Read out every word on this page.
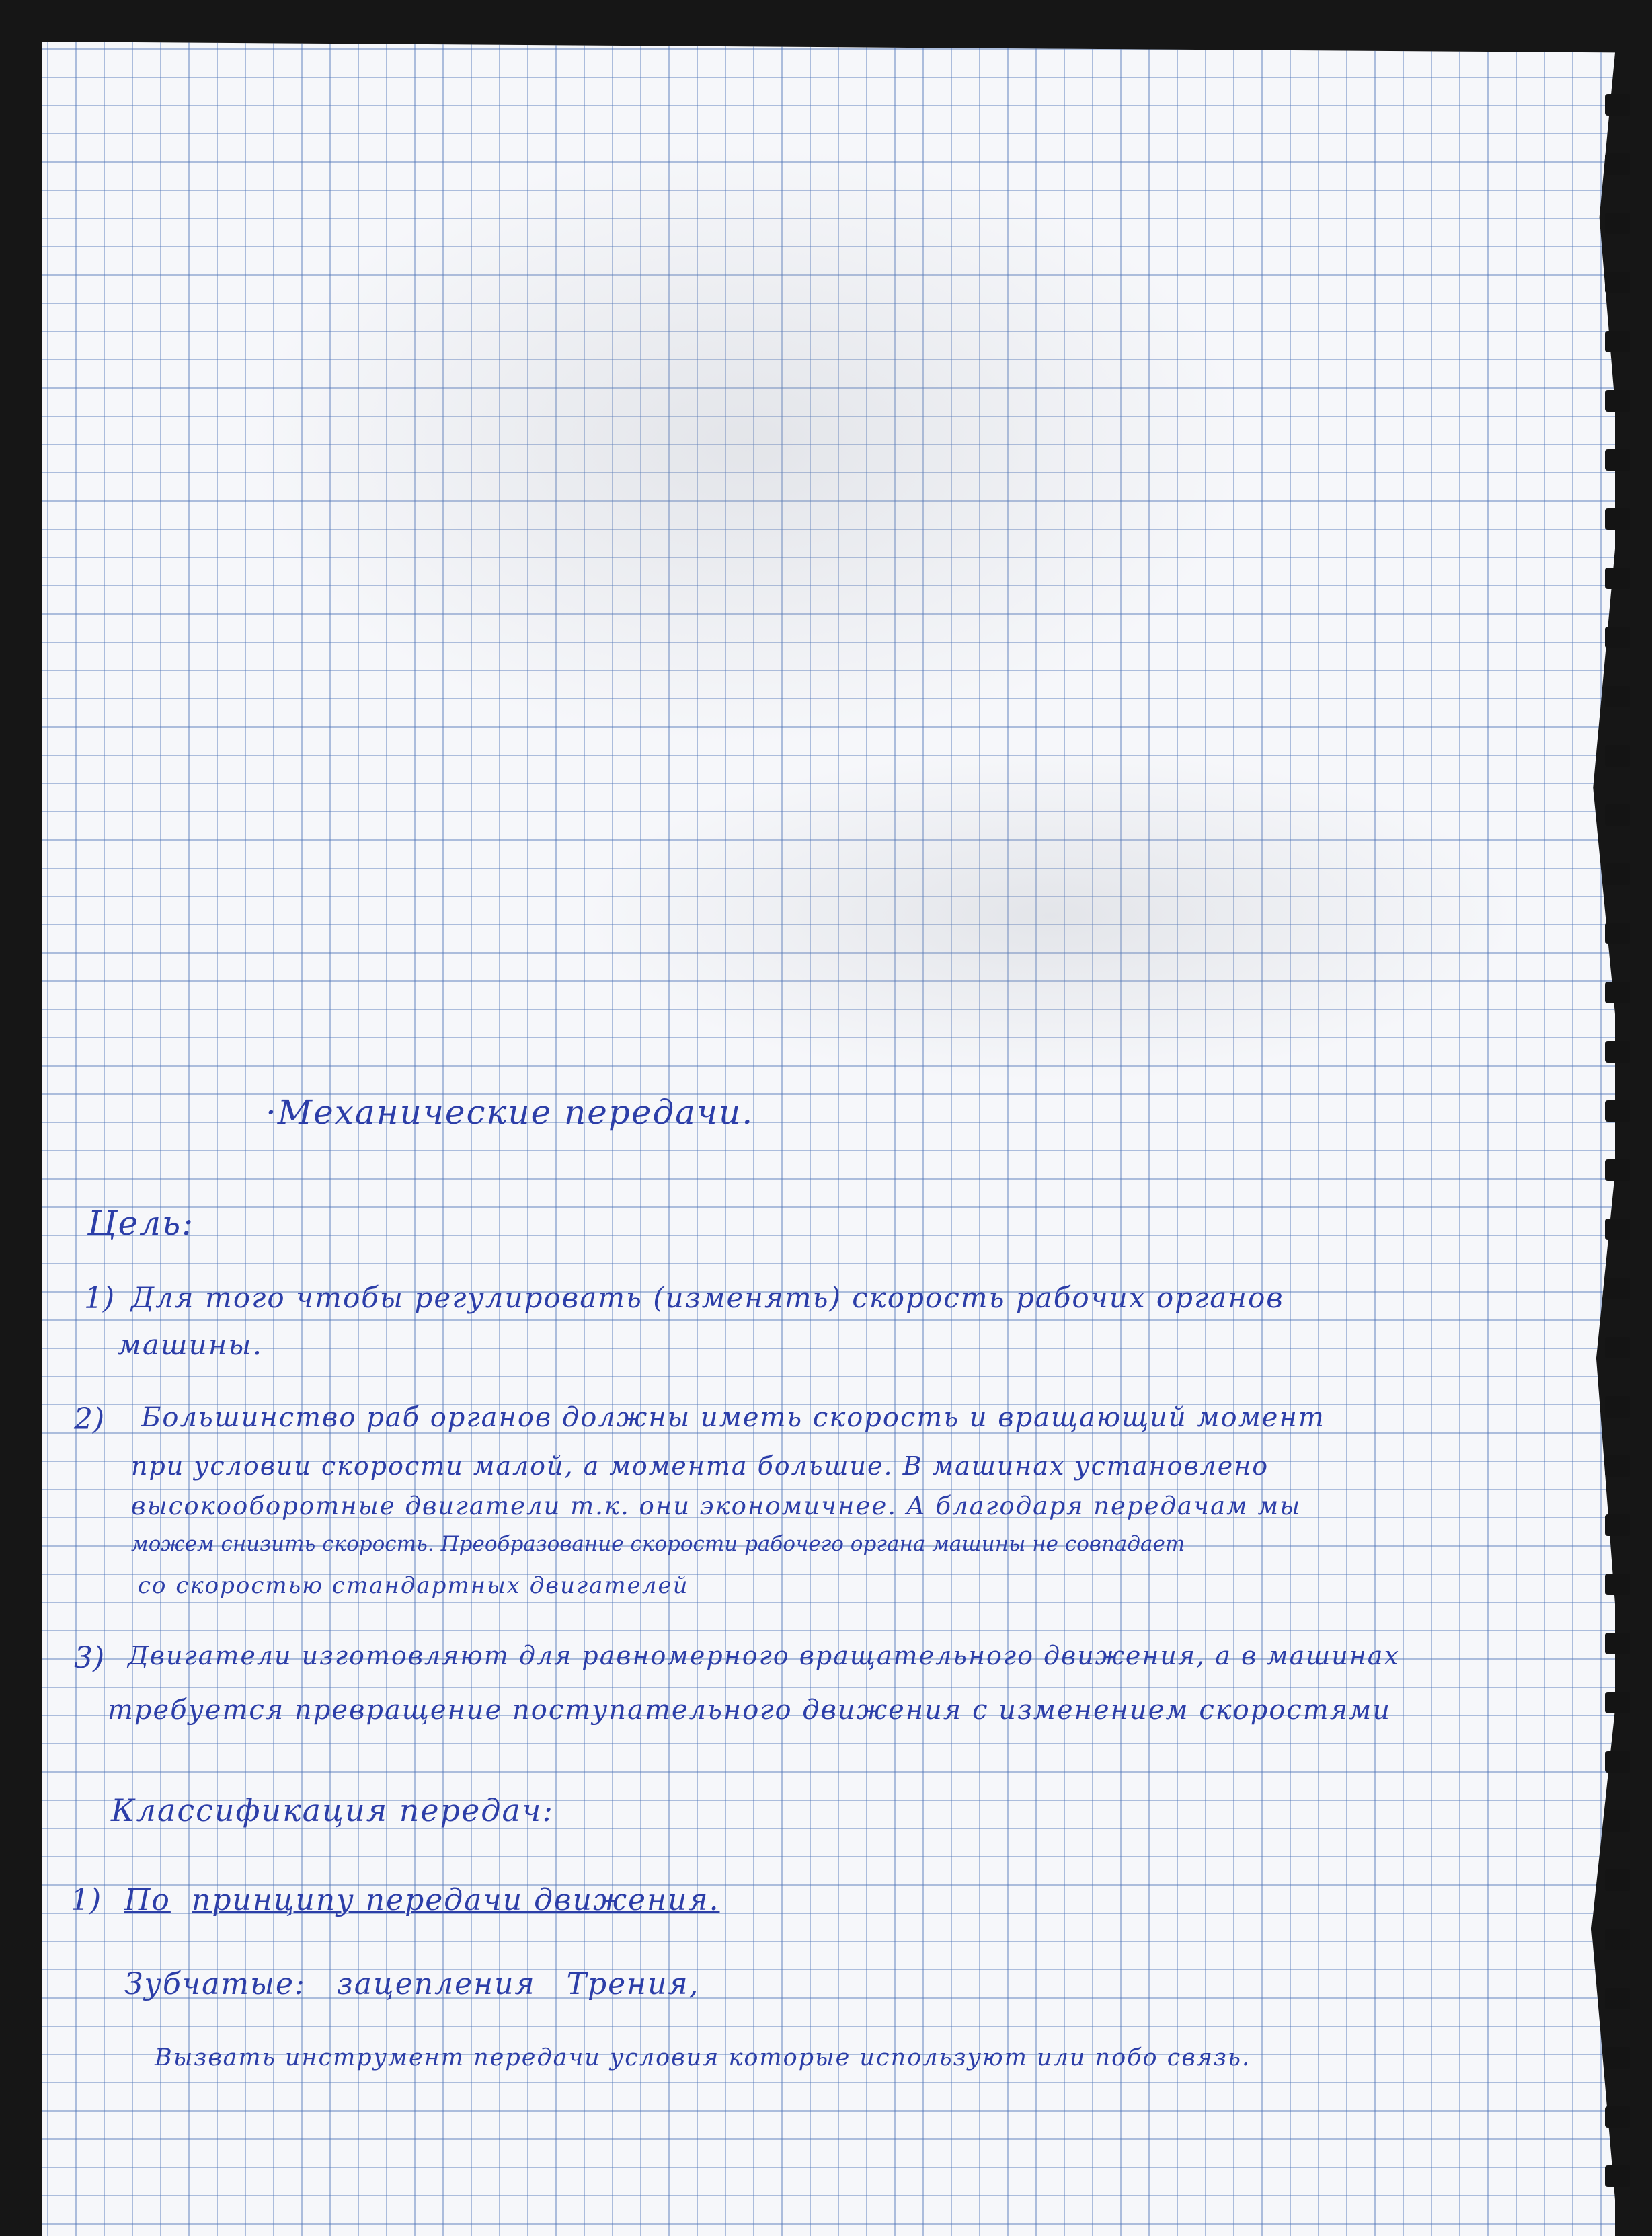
·Механические передачи.
Цель:
1) Для того чтобы регулировать (изменять) скорость рабочих органов
машины.
2) Большинство раб органов должны иметь скорость и вращающий момент
при условии скорости малой, а момента большие. В машинах установлено
высокооборотные двигатели т.к. они экономичнее. А благодаря передачам мы
можем снизить скорость. Преобразование скорости рабочего органа машины не совпадает
со скоростью стандартных двигателей
3) Двигатели изготовляют для равномерного вращательного движения, а в машинах
требуется превращение поступательного движения с изменением скоростями
Классификация передач:
1) По принципу передачи движения.
Зубчатые: зацепления Трения,
Вызвать инструмент передачи условия которые используют или побо связь.
